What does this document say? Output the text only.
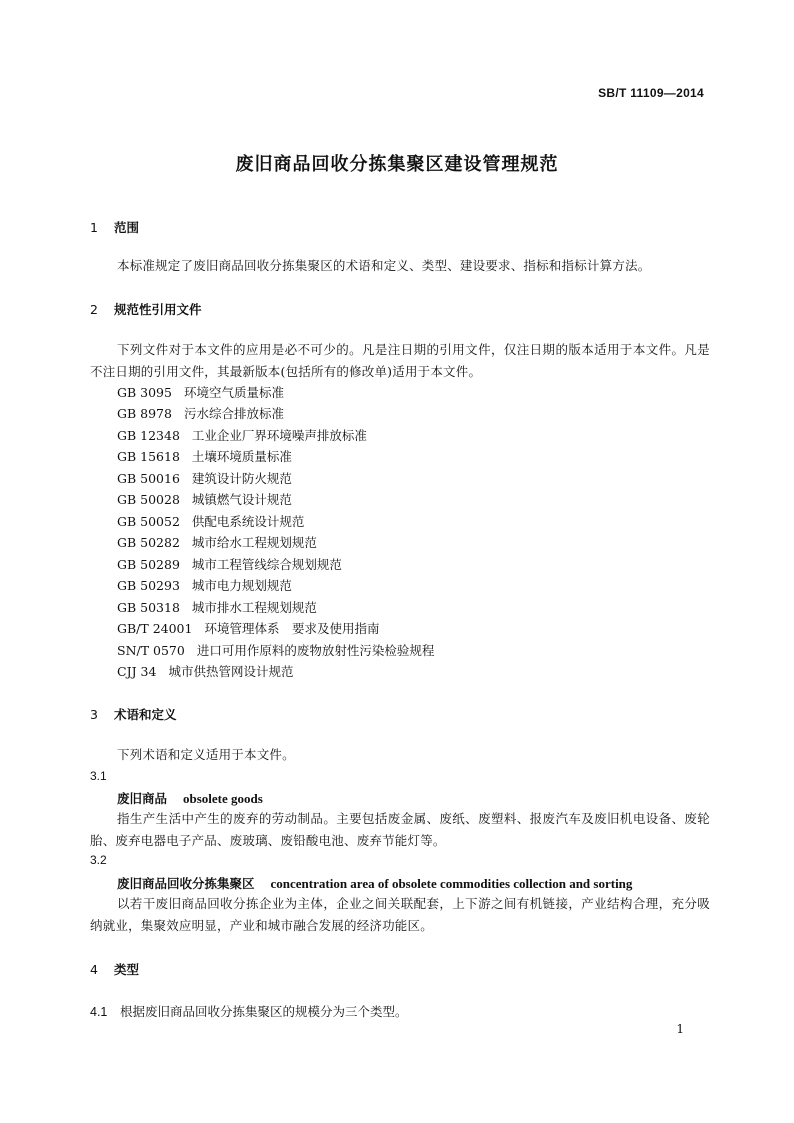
SB/T 11109—2014
废旧商品回收分拣集聚区建设管理规范
1 范围
本标准规定了废旧商品回收分拣集聚区的术语和定义、类型、建设要求、指标和指标计算方法。
2 规范性引用文件
下列文件对于本文件的应用是必不可少的。凡是注日期的引用文件，仅注日期的版本适用于本文件。凡是不注日期的引用文件，其最新版本(包括所有的修改单)适用于本文件。
GB 3095 环境空气质量标准
GB 8978 污水综合排放标准
GB 12348 工业企业厂界环境噪声排放标准
GB 15618 土壤环境质量标准
GB 50016 建筑设计防火规范
GB 50028 城镇燃气设计规范
GB 50052 供配电系统设计规范
GB 50282 城市给水工程规划规范
GB 50289 城市工程管线综合规划规范
GB 50293 城市电力规划规范
GB 50318 城市排水工程规划规范
GB/T 24001 环境管理体系　要求及使用指南
SN/T 0570 进口可用作原料的废物放射性污染检验规程
CJJ 34 城市供热管网设计规范
3 术语和定义
下列术语和定义适用于本文件。
3.1
废旧商品 obsolete goods
指生产生活中产生的废弃的劳动制品。主要包括废金属、废纸、废塑料、报废汽车及废旧机电设备、废轮胎、废弃电器电子产品、废玻璃、废铅酸电池、废弃节能灯等。
3.2
废旧商品回收分拣集聚区 concentration area of obsolete commodities collection and sorting
以若干废旧商品回收分拣企业为主体，企业之间关联配套，上下游之间有机链接，产业结构合理，充分吸纳就业，集聚效应明显，产业和城市融合发展的经济功能区。
4 类型
4.1 根据废旧商品回收分拣集聚区的规模分为三个类型。
1
